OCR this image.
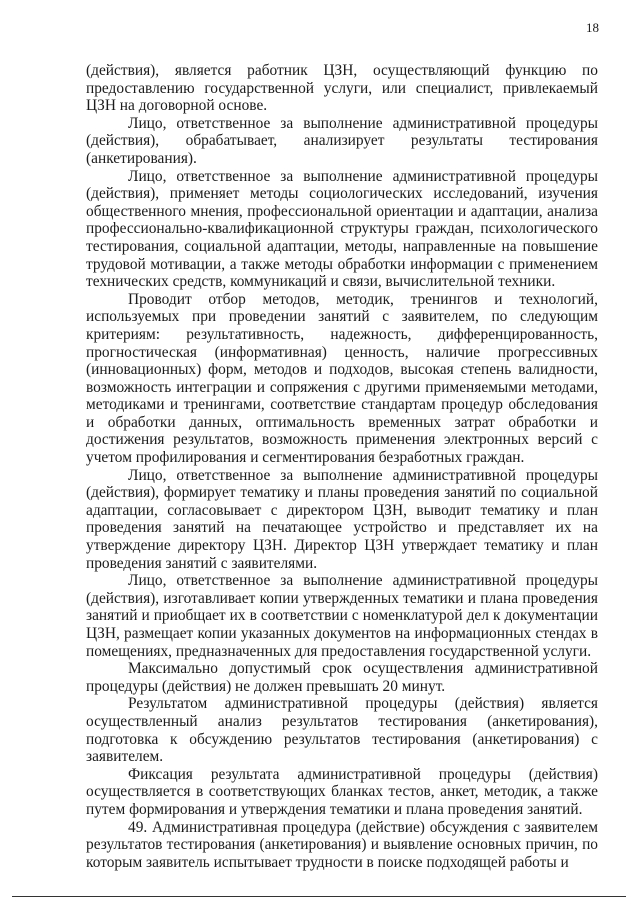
18

(действия), является работник ЦЗН, осуществляющий функцию по предоставлению государственной услуги, или специалист, привлекаемый ЦЗН на договорной основе.

Лицо, ответственное за выполнение административной процедуры (действия), обрабатывает, анализирует результаты тестирования (анкетирования).

Лицо, ответственное за выполнение административной процедуры (действия), применяет методы социологических исследований, изучения общественного мнения, профессиональной ориентации и адаптации, анализа профессионально-квалификационной структуры граждан, психологического тестирования, социальной адаптации, методы, направленные на повышение трудовой мотивации, а также методы обработки информации с применением технических средств, коммуникаций и связи, вычислительной техники.

Проводит отбор методов, методик, тренингов и технологий, используемых при проведении занятий с заявителем, по следующим критериям: результативность, надежность, дифференцированность, прогностическая (информативная) ценность, наличие прогрессивных (инновационных) форм, методов и подходов, высокая степень валидности, возможность интеграции и сопряжения с другими применяемыми методами, методиками и тренингами, соответствие стандартам процедур обследования и обработки данных, оптимальность временных затрат обработки и достижения результатов, возможность применения электронных версий с учетом профилирования и сегментирования безработных граждан.

Лицо, ответственное за выполнение административной процедуры (действия), формирует тематику и планы проведения занятий по социальной адаптации, согласовывает с директором ЦЗН, выводит тематику и план проведения занятий на печатающее устройство и представляет их на утверждение директору ЦЗН. Директор ЦЗН утверждает тематику и план проведения занятий с заявителями.

Лицо, ответственное за выполнение административной процедуры (действия), изготавливает копии утвержденных тематики и плана проведения занятий и приобщает их в соответствии с номенклатурой дел к документации ЦЗН, размещает копии указанных документов на информационных стендах в помещениях, предназначенных для предоставления государственной услуги.

Максимально допустимый срок осуществления административной процедуры (действия) не должен превышать 20 минут.

Результатом административной процедуры (действия) является осуществленный анализ результатов тестирования (анкетирования), подготовка к обсуждению результатов тестирования (анкетирования) с заявителем.

Фиксация результата административной процедуры (действия) осуществляется в соответствующих бланках тестов, анкет, методик, а также путем формирования и утверждения тематики и плана проведения занятий.

49. Административная процедура (действие) обсуждения с заявителем результатов тестирования (анкетирования) и выявление основных причин, по которым заявитель испытывает трудности в поиске подходящей работы и
